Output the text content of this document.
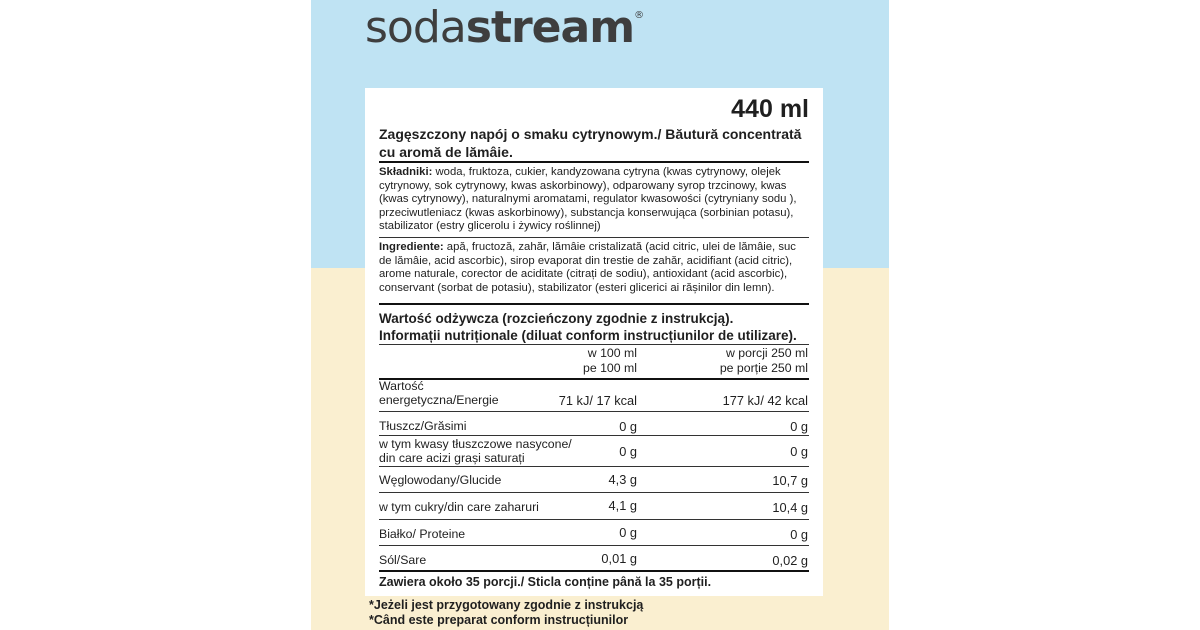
sodastream®
440 ml
Zagęszczony napój o smaku cytrynowym./ Băutură concentrată cu aromă de lămâie.
Składniki: woda, fruktoza, cukier, kandyzowana cytryna (kwas cytrynowy, olejek cytrynowy, sok cytrynowy, kwas askorbinowy), odparowany syrop trzcinowy, kwas (kwas cytrynowy), naturalnymi aromatami, regulator kwasowości (cytryniany sodu ), przeciwutleniacz (kwas askorbinowy), substancja konserwująca (sorbinian potasu), stabilizator (estry glicerolu i żywicy roślinnej)
Ingrediente: apă, fructoză, zahăr, lămâie cristalizată (acid citric, ulei de lămâie, suc de lămâie, acid ascorbic), sirop evaporat din trestie de zahăr, acidifiant (acid citric), arome naturale, corector de aciditate (citrați de sodiu), antioxidant (acid ascorbic), conservant (sorbat de potasiu), stabilizator (esteri glicerici ai rășinilor din lemn).
Wartość odżywcza (rozcieńczony zgodnie z instrukcją).
Informații nutriționale (diluat conform instrucțiunilor de utilizare).
w 100 ml
pe 100 ml
w porcji 250 ml
pe porție 250 ml
Wartość
energetyczna/Energie	71 kJ/ 17 kcal	177 kJ/ 42 kcal
Tłuszcz/Grăsimi	0 g	0 g
w tym kwasy tłuszczowe nasycone/
din care acizi grași saturați	0 g	0 g
Węglowodany/Glucide	4,3 g	10,7 g
w tym cukry/din care zaharuri	4,1 g	10,4 g
Białko/ Proteine	0 g	0 g
Sól/Sare	0,01 g	0,02 g
Zawiera około 35 porcji./ Sticla conține până la 35 porții.
*Jeżeli jest przygotowany zgodnie z instrukcją
*Când este preparat conform instrucțiunilor
